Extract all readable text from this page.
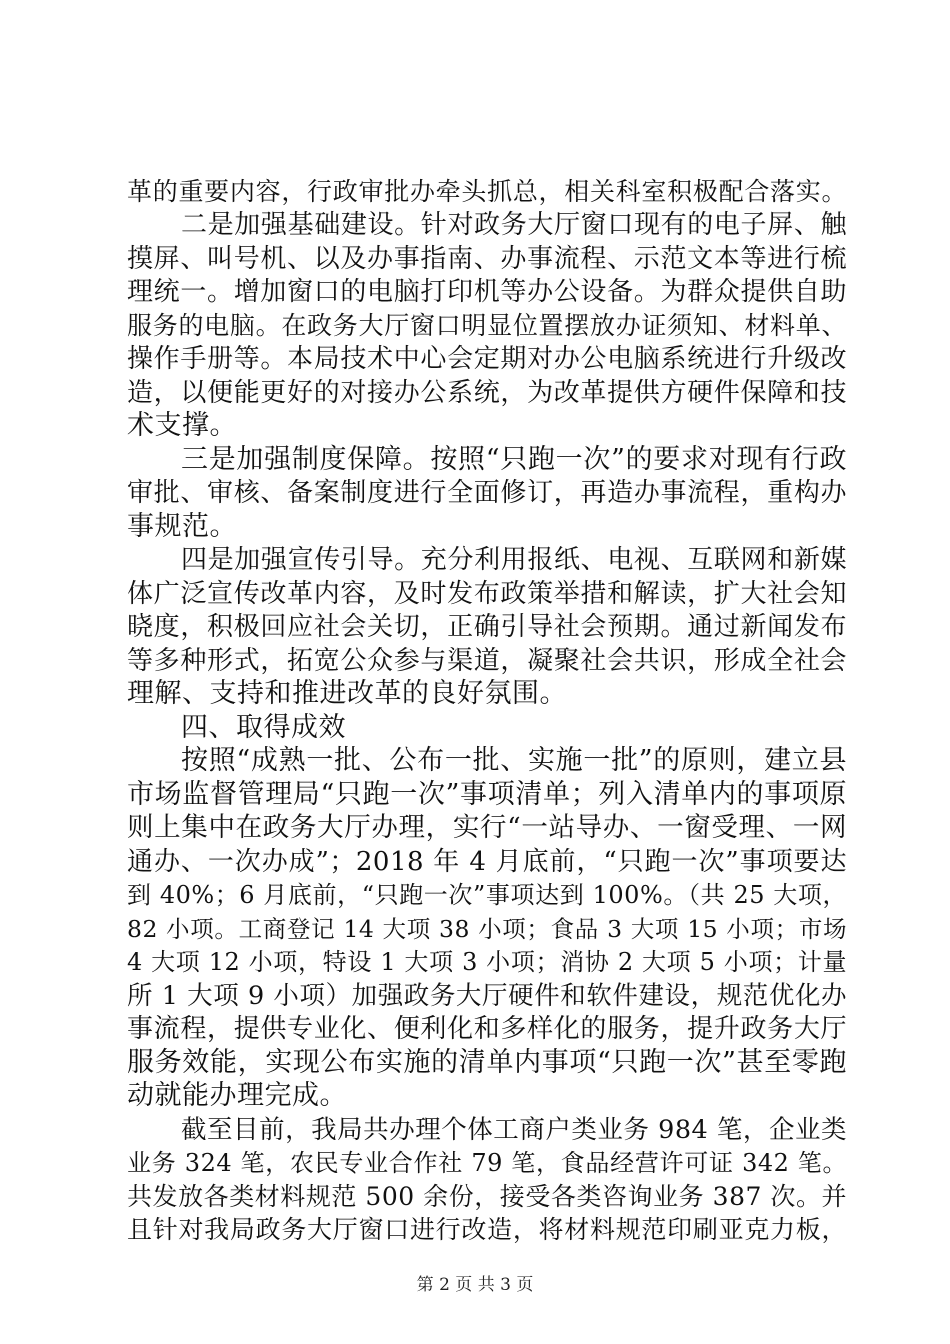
革的重要内容，行政审批办牵头抓总，相关科室积极配合落实。
二是加强基础建设。针对政务大厅窗口现有的电子屏、触
摸屏、叫号机、以及办事指南、办事流程、示范文本等进行梳
理统一。增加窗口的电脑打印机等办公设备。为群众提供自助
服务的电脑。在政务大厅窗口明显位置摆放办证须知、材料单、
操作手册等。本局技术中心会定期对办公电脑系统进行升级改
造，以便能更好的对接办公系统，为改革提供方硬件保障和技
术支撑。
三是加强制度保障。按照“只跑一次”的要求对现有行政
审批、审核、备案制度进行全面修订，再造办事流程，重构办
事规范。
四是加强宣传引导。充分利用报纸、电视、互联网和新媒
体广泛宣传改革内容，及时发布政策举措和解读，扩大社会知
晓度，积极回应社会关切，正确引导社会预期。通过新闻发布
等多种形式，拓宽公众参与渠道，凝聚社会共识，形成全社会
理解、支持和推进改革的良好氛围。
四、取得成效
按照“成熟一批、公布一批、实施一批”的原则，建立县
市场监督管理局“只跑一次”事项清单；列入清单内的事项原
则上集中在政务大厅办理，实行“一站导办、一窗受理、一网
通办、一次办成”；2018 年 4 月底前，“只跑一次”事项要达
到 40%；6 月底前，“只跑一次”事项达到 100%。（共 25 大项，
82 小项。工商登记 14 大项 38 小项；食品 3 大项 15 小项；市场
4 大项 12 小项，特设 1 大项 3 小项；消协 2 大项 5 小项；计量
所 1 大项 9 小项）加强政务大厅硬件和软件建设，规范优化办
事流程，提供专业化、便利化和多样化的服务，提升政务大厅
服务效能，实现公布实施的清单内事项“只跑一次”甚至零跑
动就能办理完成。
截至目前，我局共办理个体工商户类业务 984 笔，企业类
业务 324 笔，农民专业合作社 79 笔，食品经营许可证 342 笔。
共发放各类材料规范 500 余份，接受各类咨询业务 387 次。并
且针对我局政务大厅窗口进行改造，将材料规范印刷亚克力板，
第 2 页 共 3 页
